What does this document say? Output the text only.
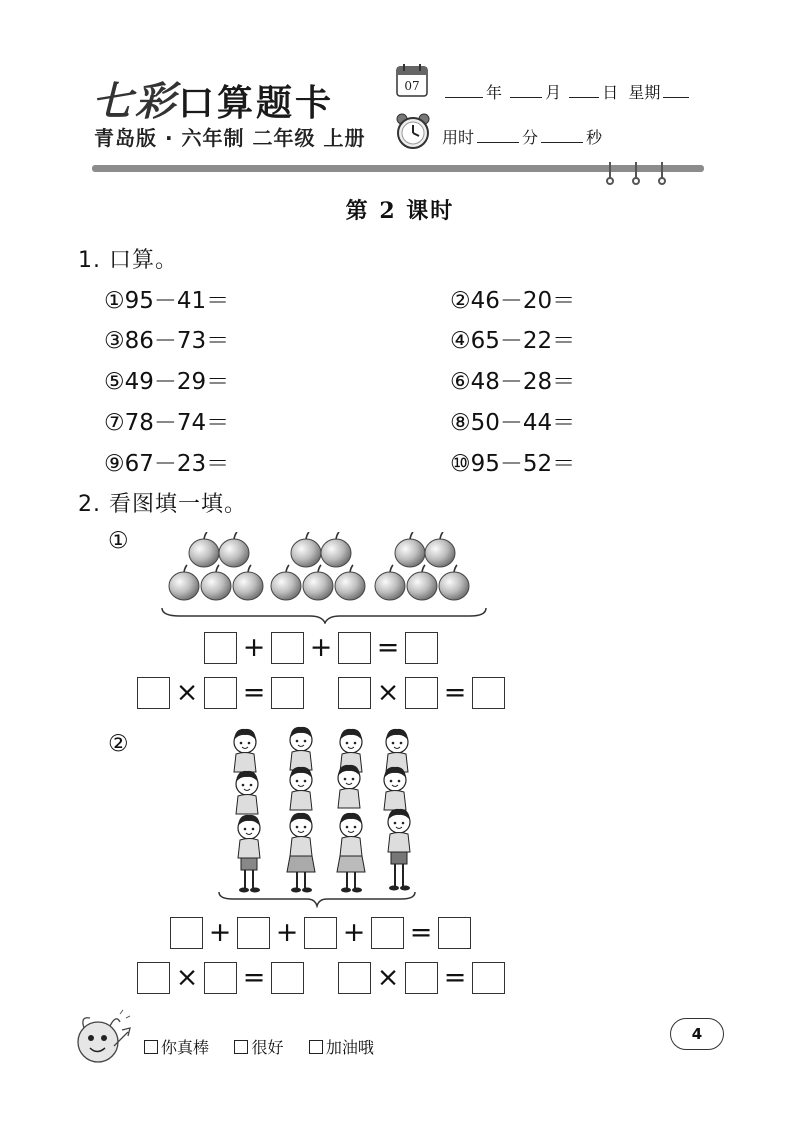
七彩口算题卡
青岛版 · 六年制 二年级 上册
07	年	月	日 星期
用时	分	秒
第 2 课时
1. 口算。
①95－41＝	②46－20＝
③86－73＝	④65－22＝
⑤49－29＝	⑥48－28＝
⑦78－74＝	⑧50－44＝
⑨67－23＝	⑩95－52＝
2. 看图填一填。
①
+ + =
× =	× =
②
+ + + =
× =	× =
你真棒	很好	加油哦
4
